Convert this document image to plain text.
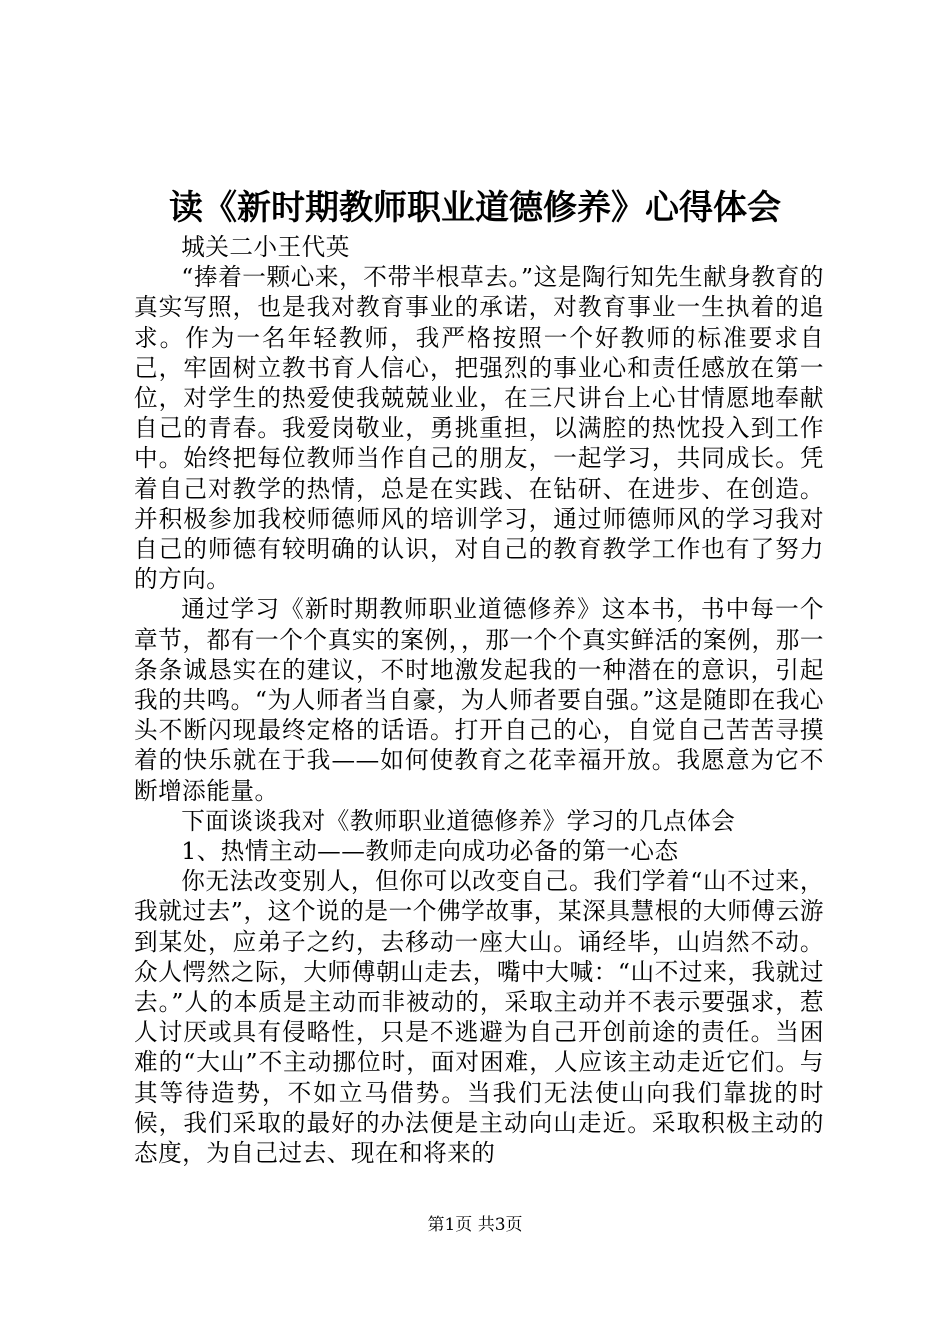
读《新时期教师职业道德修养》心得体会
城关二小王代英

“捧着一颗心来，不带半根草去。”这是陶行知先生献身教育的真实写照，也是我对教育事业的承诺，对教育事业一生执着的追求。作为一名年轻教师，我严格按照一个好教师的标准要求自己，牢固树立教书育人信心，把强烈的事业心和责任感放在第一位，对学生的热爱使我兢兢业业，在三尺讲台上心甘情愿地奉献自己的青春。我爱岗敬业，勇挑重担，以满腔的热忱投入到工作中。始终把每位教师当作自己的朋友，一起学习，共同成长。凭着自己对教学的热情，总是在实践、在钻研、在进步、在创造。并积极参加我校师德师风的培训学习，通过师德师风的学习我对自己的师德有较明确的认识，对自己的教育教学工作也有了努力的方向。

通过学习《新时期教师职业道德修养》这本书，书中每一个章节，都有一个个真实的案例，，那一个个真实鲜活的案例，那一条条诚恳实在的建议，不时地激发起我的一种潜在的意识，引起我的共鸣。“为人师者当自豪，为人师者要自强。”这是随即在我心头不断闪现最终定格的话语。打开自己的心，自觉自己苦苦寻摸着的快乐就在于我——如何使教育之花幸福开放。我愿意为它不断增添能量。

下面谈谈我对《教师职业道德修养》学习的几点体会

1、热情主动——教师走向成功必备的第一心态

你无法改变别人，但你可以改变自己。我们学着“山不过来，我就过去”，这个说的是一个佛学故事，某深具慧根的大师傅云游到某处，应弟子之约，去移动一座大山。诵经毕，山岿然不动。众人愕然之际，大师傅朝山走去，嘴中大喊：“山不过来，我就过去。”人的本质是主动而非被动的，采取主动并不表示要强求，惹人讨厌或具有侵略性，只是不逃避为自己开创前途的责任。当困难的“大山”不主动挪位时，面对困难，人应该主动走近它们。与其等待造势，不如立马借势。当我们无法使山向我们靠拢的时候，我们采取的最好的办法便是主动向山走近。采取积极主动的态度，为自己过去、现在和将来的

第1页 共3页
